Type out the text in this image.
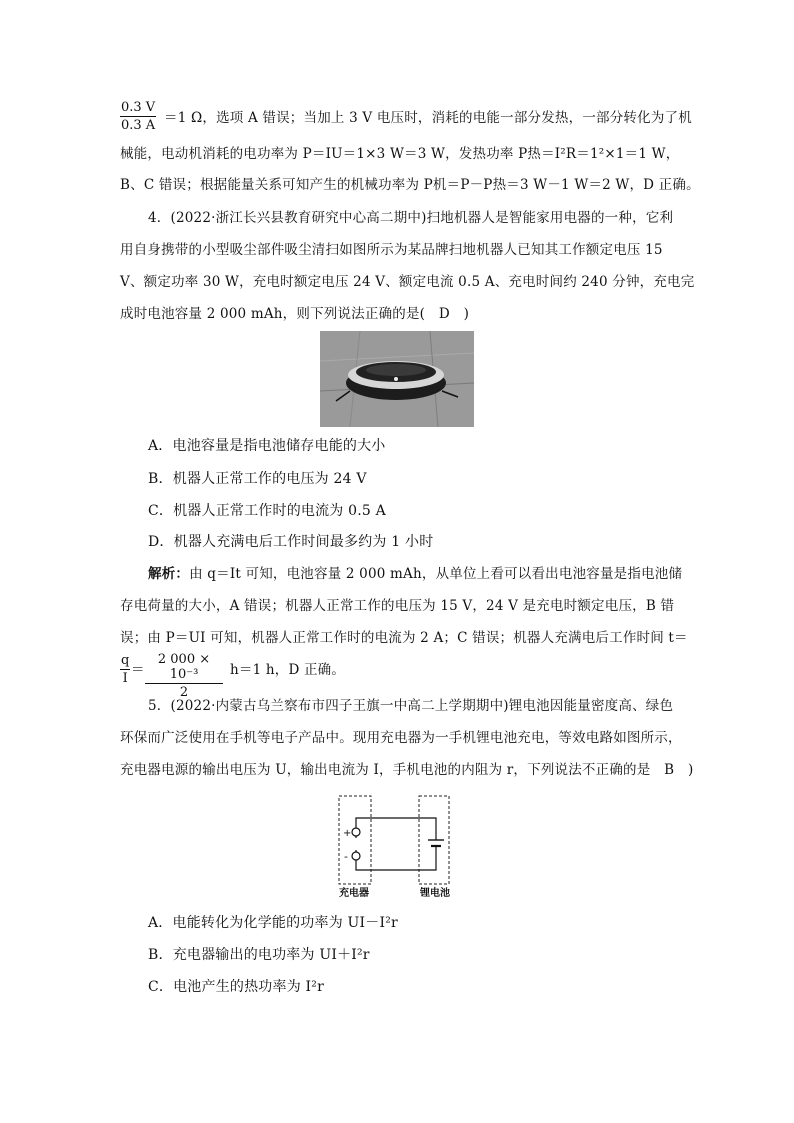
0.3 V
0.3 A ＝1 Ω，选项 A 错误；当加上 3 V 电压时，消耗的电能一部分发热，一部分转化为了机
械能，电动机消耗的电功率为 P＝IU＝1×3 W＝3 W，发热功率 P热＝I²R＝1²×1＝1 W，
B、C 错误；根据能量关系可知产生的机械功率为 P机＝P－P热＝3 W－1 W＝2 W，D 正确。
4．(2022·浙江长兴县教育研究中心高二期中)扫地机器人是智能家用电器的一种，它利
用自身携带的小型吸尘部件吸尘清扫如图所示为某品牌扫地机器人已知其工作额定电压 15
V、额定功率 30 W，充电时额定电压 24 V、额定电流 0.5 A、充电时间约 240 分钟，充电完
成时电池容量 2 000 mAh，则下列说法正确的是(　D　)
A．电池容量是指电池储存电能的大小
B．机器人正常工作的电压为 24 V
C．机器人正常工作时的电流为 0.5 A
D．机器人充满电后工作时间最多约为 1 小时
解析：由 q＝It 可知，电池容量 2 000 mAh，从单位上看可以看出电池容量是指电池储
存电荷量的大小，A 错误；机器人正常工作的电压为 15 V，24 V 是充电时额定电压，B 错
误；由 P＝UI 可知，机器人正常工作时的电流为 2 A；C 错误；机器人充满电后工作时间 t＝
q
I
＝
2 000 × 10⁻³
2
h＝1 h，D 正确。
5．(2022·内蒙古乌兰察布市四子王旗一中高二上学期期中)锂电池因能量密度高、绿色
环保而广泛使用在手机等电子产品中。现用充电器为一手机锂电池充电，等效电路如图所示，
充电器电源的输出电压为 U，输出电流为 I，手机电池的内阻为 r，下列说法不正确的是　B　)
+
-
充电器	锂电池
A．电能转化为化学能的功率为 UI－I²r
B．充电器输出的电功率为 UI＋I²r
C．电池产生的热功率为 I²r
